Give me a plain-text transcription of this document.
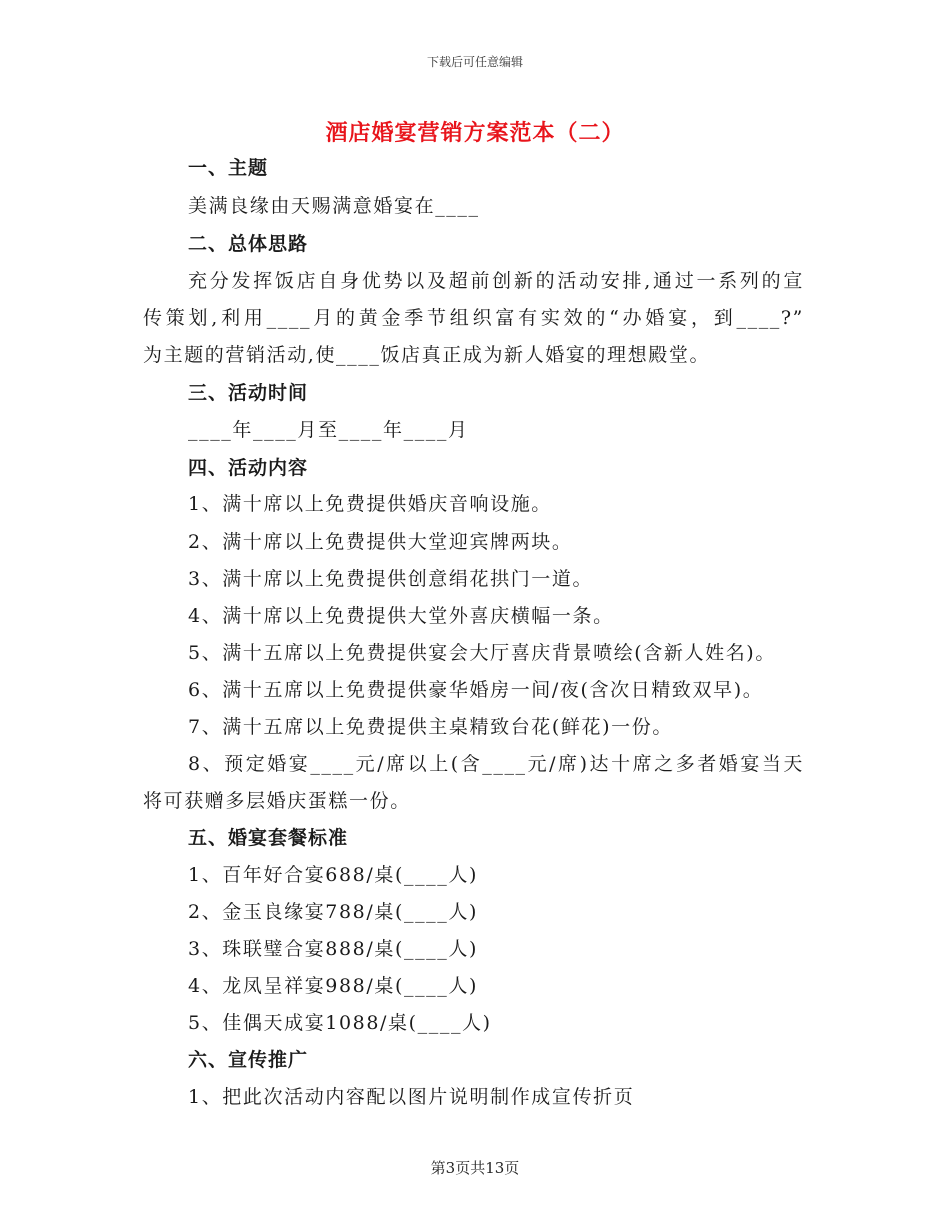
下载后可任意编辑
酒店婚宴营销方案范本（二）
一、主题
美满良缘由天赐满意婚宴在____
二、总体思路
充分发挥饭店自身优势以及超前创新的活动安排,通过一系列的宣
传策划,利用____月的黄金季节组织富有实效的“办婚宴，到____?”
为主题的营销活动,使____饭店真正成为新人婚宴的理想殿堂。
三、活动时间
____年____月至____年____月
四、活动内容
1、满十席以上免费提供婚庆音响设施。
2、满十席以上免费提供大堂迎宾牌两块。
3、满十席以上免费提供创意绢花拱门一道。
4、满十席以上免费提供大堂外喜庆横幅一条。
5、满十五席以上免费提供宴会大厅喜庆背景喷绘(含新人姓名)。
6、满十五席以上免费提供豪华婚房一间/夜(含次日精致双早)。
7、满十五席以上免费提供主桌精致台花(鲜花)一份。
8、预定婚宴____元/席以上(含____元/席)达十席之多者婚宴当天
将可获赠多层婚庆蛋糕一份。
五、婚宴套餐标准
1、百年好合宴688/桌(____人)
2、金玉良缘宴788/桌(____人)
3、珠联璧合宴888/桌(____人)
4、龙凤呈祥宴988/桌(____人)
5、佳偶天成宴1088/桌(____人)
六、宣传推广
1、把此次活动内容配以图片说明制作成宣传折页
第3页共13页
